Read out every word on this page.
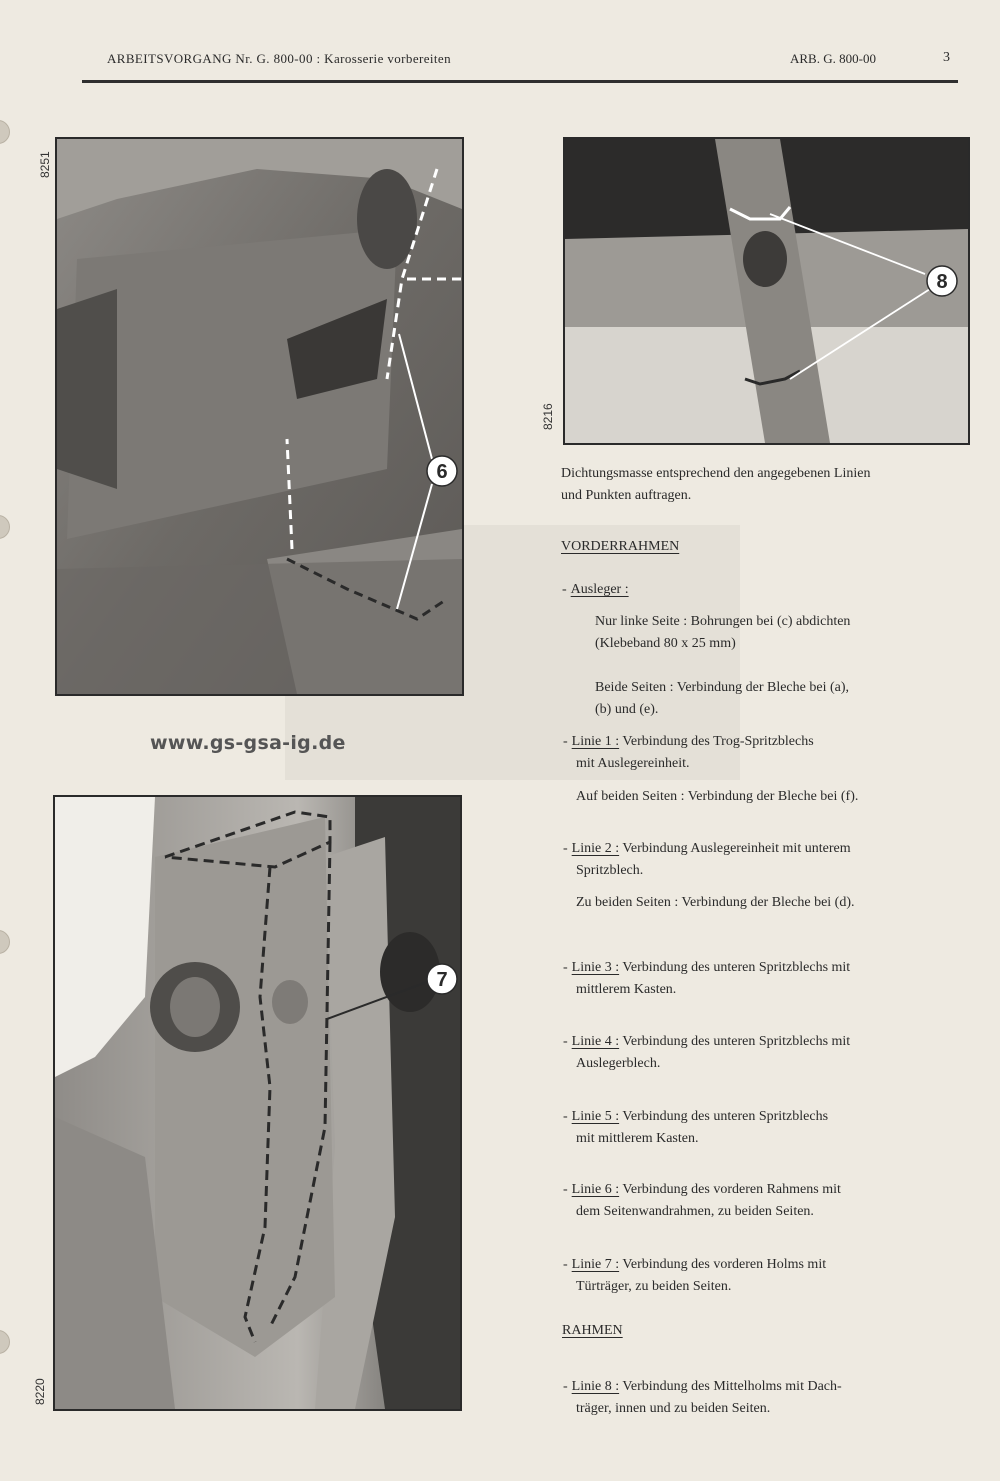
ARBEITSVORGANG Nr. G. 800-00 : Karosserie vorbereiten	ARB. G. 800-00	3
8251
6
8216
8
www.gs-gsa-ig.de
8220
7
Dichtungsmasse entsprechend den angegebenen Linien
und Punkten auftragen.
VORDERRAHMEN
- Ausleger :
Nur linke Seite : Bohrungen bei (c) abdichten
(Klebeband 80 x 25 mm)
Beide Seiten : Verbindung der Bleche bei (a),
(b) und (e).
- Linie 1 : Verbindung des Trog-Spritzblechs
mit Auslegereinheit.
Auf beiden Seiten : Verbindung der Bleche bei (f).
- Linie 2 : Verbindung Auslegereinheit mit unterem
Spritzblech.
Zu beiden Seiten : Verbindung der Bleche bei (d).
- Linie 3 : Verbindung des unteren Spritzblechs mit
mittlerem Kasten.
- Linie 4 : Verbindung des unteren Spritzblechs mit
Auslegerblech.
- Linie 5 : Verbindung des unteren Spritzblechs
mit mittlerem Kasten.
- Linie 6 : Verbindung des vorderen Rahmens mit
dem Seitenwandrahmen, zu beiden Seiten.
- Linie 7 : Verbindung des vorderen Holms mit
Türträger, zu beiden Seiten.
RAHMEN
- Linie 8 : Verbindung des Mittelholms mit Dach-
träger, innen und zu beiden Seiten.
